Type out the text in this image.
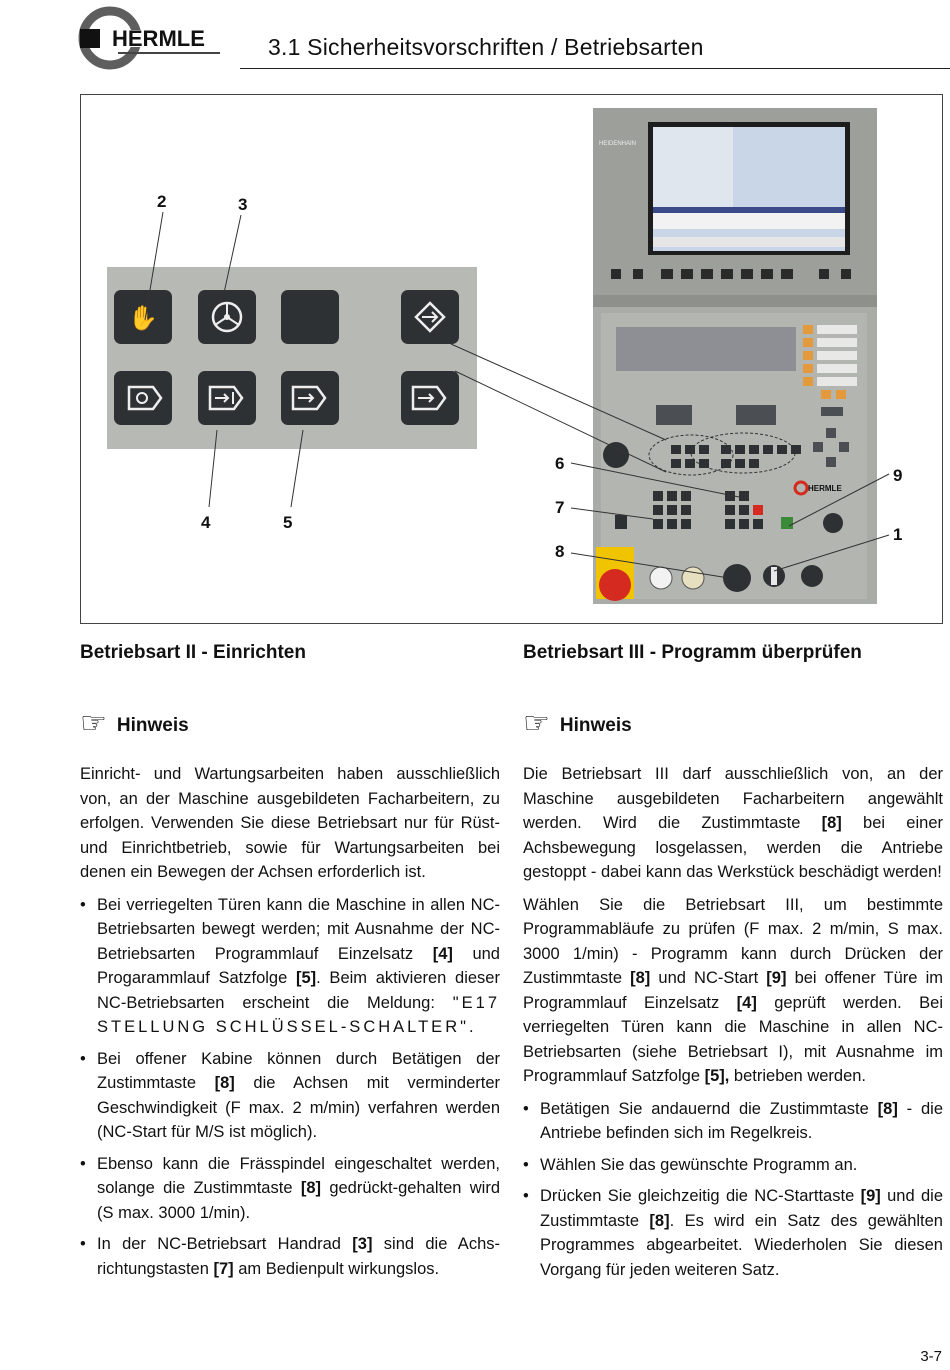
HERMLE	3.1 Sicherheitsvorschriften / Betriebsarten
✋
HEIDENHAIN
HERMLE
2	3
4	5
6
7
8
9
1
Betriebsart II - Einrichten
☞ Hinweis

Einricht- und Wartungsarbeiten haben ausschließlich von, an der Maschine ausgebildeten Facharbeitern, zu erfolgen. Verwenden Sie diese Betriebsart nur für Rüst- und Einrichtbetrieb, sowie für Wartungsarbeiten bei denen ein Bewegen der Achsen erforderlich ist.

• Bei verriegelten Türen kann die Maschine in allen NC-Betriebsarten bewegt werden; mit Ausnahme der NC-Betriebsarten Programmlauf Einzelsatz [4] und Progarammlauf Satzfolge [5]. Beim aktivieren dieser NC-Betriebsarten erscheint die Meldung: "E17 STELLUNG SCHLÜSSEL-SCHALTER".
• Bei offener Kabine können durch Betätigen der Zustimmtaste [8] die Achsen mit verminderter Geschwindigkeit (F max. 2 m/min) verfahren werden (NC-Start für M/S ist möglich).
• Ebenso kann die Frässpindel eingeschaltet werden, solange die Zustimmtaste [8] gedrückt-gehalten wird (S max. 3000 1/min).
• In der NC-Betriebsart Handrad [3] sind die Achs-richtungstasten [7] am Bedienpult wirkungslos.
Betriebsart III - Programm überprüfen
☞ Hinweis

Die Betriebsart III darf ausschließlich von, an der Maschine ausgebildeten Facharbeitern angewählt werden. Wird die Zustimmtaste [8] bei einer Achsbewegung losgelassen, werden die Antriebe gestoppt - dabei kann das Werkstück beschädigt werden!

Wählen Sie die Betriebsart III, um bestimmte Programmabläufe zu prüfen (F max. 2 m/min, S max. 3000 1/min) - Programm kann durch Drücken der Zustimmtaste [8] und NC-Start [9] bei offener Türe im Programmlauf Einzelsatz [4] geprüft werden. Bei verriegelten Türen kann die Maschine in allen NC-Betriebsarten (siehe Betriebsart I), mit Ausnahme im Programmlauf Satzfolge [5], betrieben werden.

• Betätigen Sie andauernd die Zustimmtaste [8] - die Antriebe befinden sich im Regelkreis.
• Wählen Sie das gewünschte Programm an.
• Drücken Sie gleichzeitig die NC-Starttaste [9] und die Zustimmtaste [8]. Es wird ein Satz des gewählten Programmes abgearbeitet. Wiederholen Sie diesen Vorgang für jeden weiteren Satz.
3-7
